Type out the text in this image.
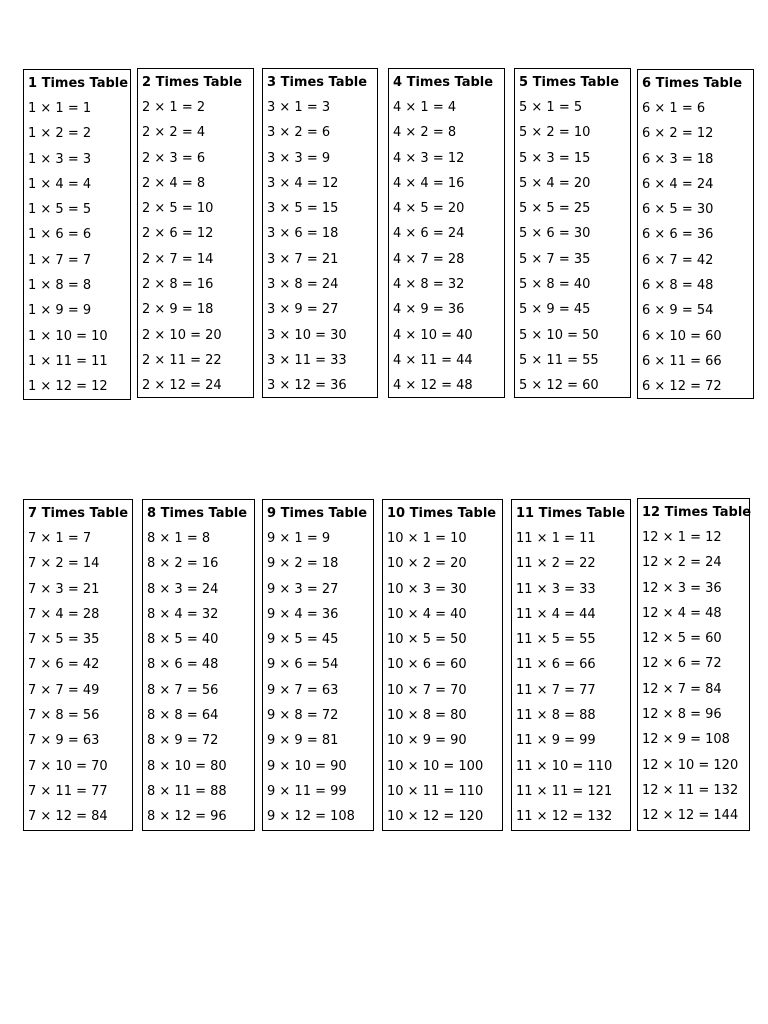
1 Times Table
1 × 1 = 1
1 × 2 = 2
1 × 3 = 3
1 × 4 = 4
1 × 5 = 5
1 × 6 = 6
1 × 7 = 7
1 × 8 = 8
1 × 9 = 9
1 × 10 = 10
1 × 11 = 11
1 × 12 = 12
2 Times Table
2 × 1 = 2
2 × 2 = 4
2 × 3 = 6
2 × 4 = 8
2 × 5 = 10
2 × 6 = 12
2 × 7 = 14
2 × 8 = 16
2 × 9 = 18
2 × 10 = 20
2 × 11 = 22
2 × 12 = 24
3 Times Table
3 × 1 = 3
3 × 2 = 6
3 × 3 = 9
3 × 4 = 12
3 × 5 = 15
3 × 6 = 18
3 × 7 = 21
3 × 8 = 24
3 × 9 = 27
3 × 10 = 30
3 × 11 = 33
3 × 12 = 36
4 Times Table
4 × 1 = 4
4 × 2 = 8
4 × 3 = 12
4 × 4 = 16
4 × 5 = 20
4 × 6 = 24
4 × 7 = 28
4 × 8 = 32
4 × 9 = 36
4 × 10 = 40
4 × 11 = 44
4 × 12 = 48
5 Times Table
5 × 1 = 5
5 × 2 = 10
5 × 3 = 15
5 × 4 = 20
5 × 5 = 25
5 × 6 = 30
5 × 7 = 35
5 × 8 = 40
5 × 9 = 45
5 × 10 = 50
5 × 11 = 55
5 × 12 = 60
6 Times Table
6 × 1 = 6
6 × 2 = 12
6 × 3 = 18
6 × 4 = 24
6 × 5 = 30
6 × 6 = 36
6 × 7 = 42
6 × 8 = 48
6 × 9 = 54
6 × 10 = 60
6 × 11 = 66
6 × 12 = 72
7 Times Table
7 × 1 = 7
7 × 2 = 14
7 × 3 = 21
7 × 4 = 28
7 × 5 = 35
7 × 6 = 42
7 × 7 = 49
7 × 8 = 56
7 × 9 = 63
7 × 10 = 70
7 × 11 = 77
7 × 12 = 84
8 Times Table
8 × 1 = 8
8 × 2 = 16
8 × 3 = 24
8 × 4 = 32
8 × 5 = 40
8 × 6 = 48
8 × 7 = 56
8 × 8 = 64
8 × 9 = 72
8 × 10 = 80
8 × 11 = 88
8 × 12 = 96
9 Times Table
9 × 1 = 9
9 × 2 = 18
9 × 3 = 27
9 × 4 = 36
9 × 5 = 45
9 × 6 = 54
9 × 7 = 63
9 × 8 = 72
9 × 9 = 81
9 × 10 = 90
9 × 11 = 99
9 × 12 = 108
10 Times Table
10 × 1 = 10
10 × 2 = 20
10 × 3 = 30
10 × 4 = 40
10 × 5 = 50
10 × 6 = 60
10 × 7 = 70
10 × 8 = 80
10 × 9 = 90
10 × 10 = 100
10 × 11 = 110
10 × 12 = 120
11 Times Table
11 × 1 = 11
11 × 2 = 22
11 × 3 = 33
11 × 4 = 44
11 × 5 = 55
11 × 6 = 66
11 × 7 = 77
11 × 8 = 88
11 × 9 = 99
11 × 10 = 110
11 × 11 = 121
11 × 12 = 132
12 Times Table
12 × 1 = 12
12 × 2 = 24
12 × 3 = 36
12 × 4 = 48
12 × 5 = 60
12 × 6 = 72
12 × 7 = 84
12 × 8 = 96
12 × 9 = 108
12 × 10 = 120
12 × 11 = 132
12 × 12 = 144
